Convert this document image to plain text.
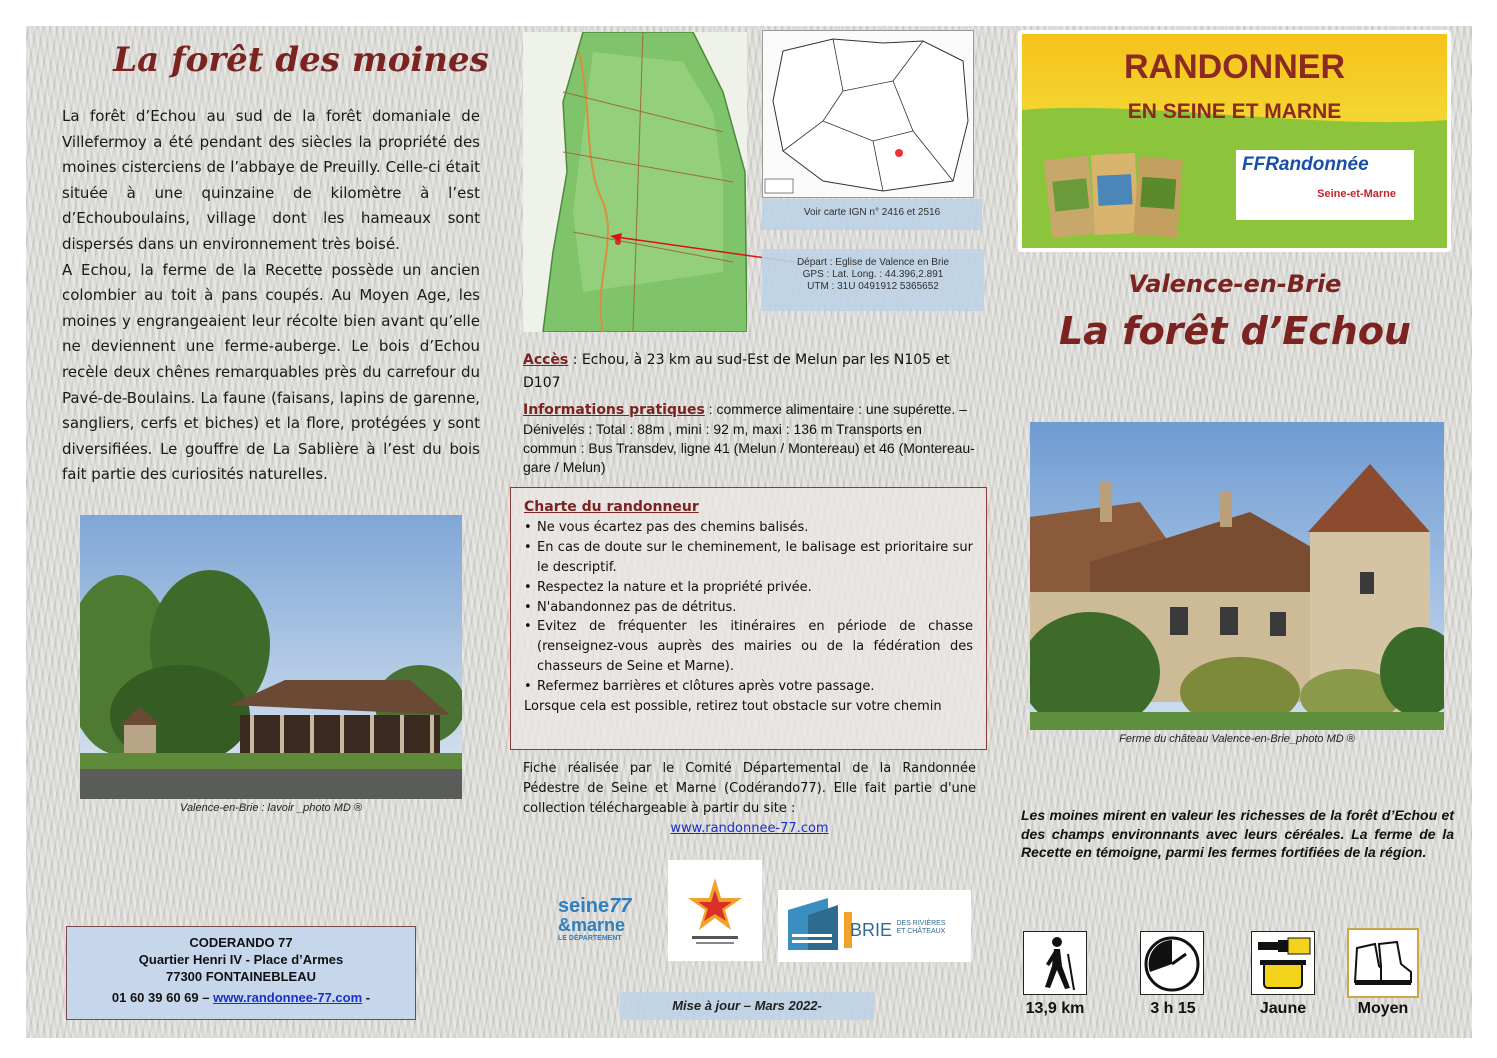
La forêt des moines

La forêt d’Echou au sud de la forêt domaniale de Villefermoy a été pendant des siècles la propriété des moines cisterciens de l’abbaye de Preuilly. Celle-ci était située à une quinzaine de kilomètre à l’est d’Echouboulains, village dont les hameaux sont dispersés dans un environnement très boisé.

A Echou, la ferme de la Recette possède un ancien colombier au toit à pans coupés. Au Moyen Age, les moines y engrangeaient leur récolte bien avant qu’elle ne deviennent une ferme-auberge. Le bois d’Echou recèle deux chênes remarquables près du carrefour du Pavé-de-Boulains. La faune (faisans, lapins de garenne, sangliers, cerfs et biches) et la flore, protégées y sont diversifiées. Le gouffre de La Sablière à l’est du bois fait partie des curiosités naturelles.

Valence-en-Brie : lavoir _photo MD ®
CODERANDO 77
Quartier Henri IV - Place d’Armes
77300 FONTAINEBLEAU
01 60 39 60 69 – www.randonnee-77.com -
Voir carte IGN n° 2416 et 2516
Départ : Eglise de Valence en Brie
GPS : Lat. Long. : 44.396,2.891
UTM : 31U 0491912 5365652
Accès : Echou, à 23 km au sud-Est de Melun par les N105 et D107
Informations pratiques : commerce alimentaire : une supérette. – Dénivelés : Total : 88m , mini : 92 m, maxi : 136 m Transports en commun : Bus Transdev, ligne 41 (Melun / Montereau) et 46 (Montereau-gare / Melun)
Charte du randonneur
• Ne vous écartez pas des chemins balisés.
• En cas de doute sur le cheminement, le balisage est prioritaire sur le descriptif.
• Respectez la nature et la propriété privée.
• N'abandonnez pas de détritus.
• Evitez de fréquenter les itinéraires en période de chasse (renseignez-vous auprès des mairies ou de la fédération des chasseurs de Seine et Marne).
• Refermez barrières et clôtures après votre passage.
Lorsque cela est possible, retirez tout obstacle sur votre chemin
Fiche réalisée par le Comité Départemental de la Randonnée Pédestre de Seine et Marne (Codérando77). Elle fait partie d'une collection téléchargeable à partir du site :
www.randonnee-77.com
seine77
&marne
LE DÉPARTEMENT	BRIE DES RIVIÈRES
ET CHÂTEAUX
Mise à jour – Mars 2022-
RANDONNER
EN SEINE ET MARNE
FFRandonnée
Seine-et-Marne
Valence-en-Brie
La forêt d’Echou
Ferme du château Valence-en-Brie_photo MD ®
Les moines mirent en valeur les richesses de la forêt d’Echou et des champs environnants avec leurs céréales. La ferme de la Recette en témoigne, parmi les fermes fortifiées de la région.
13,9 km	3 h 15	Jaune	Moyen
